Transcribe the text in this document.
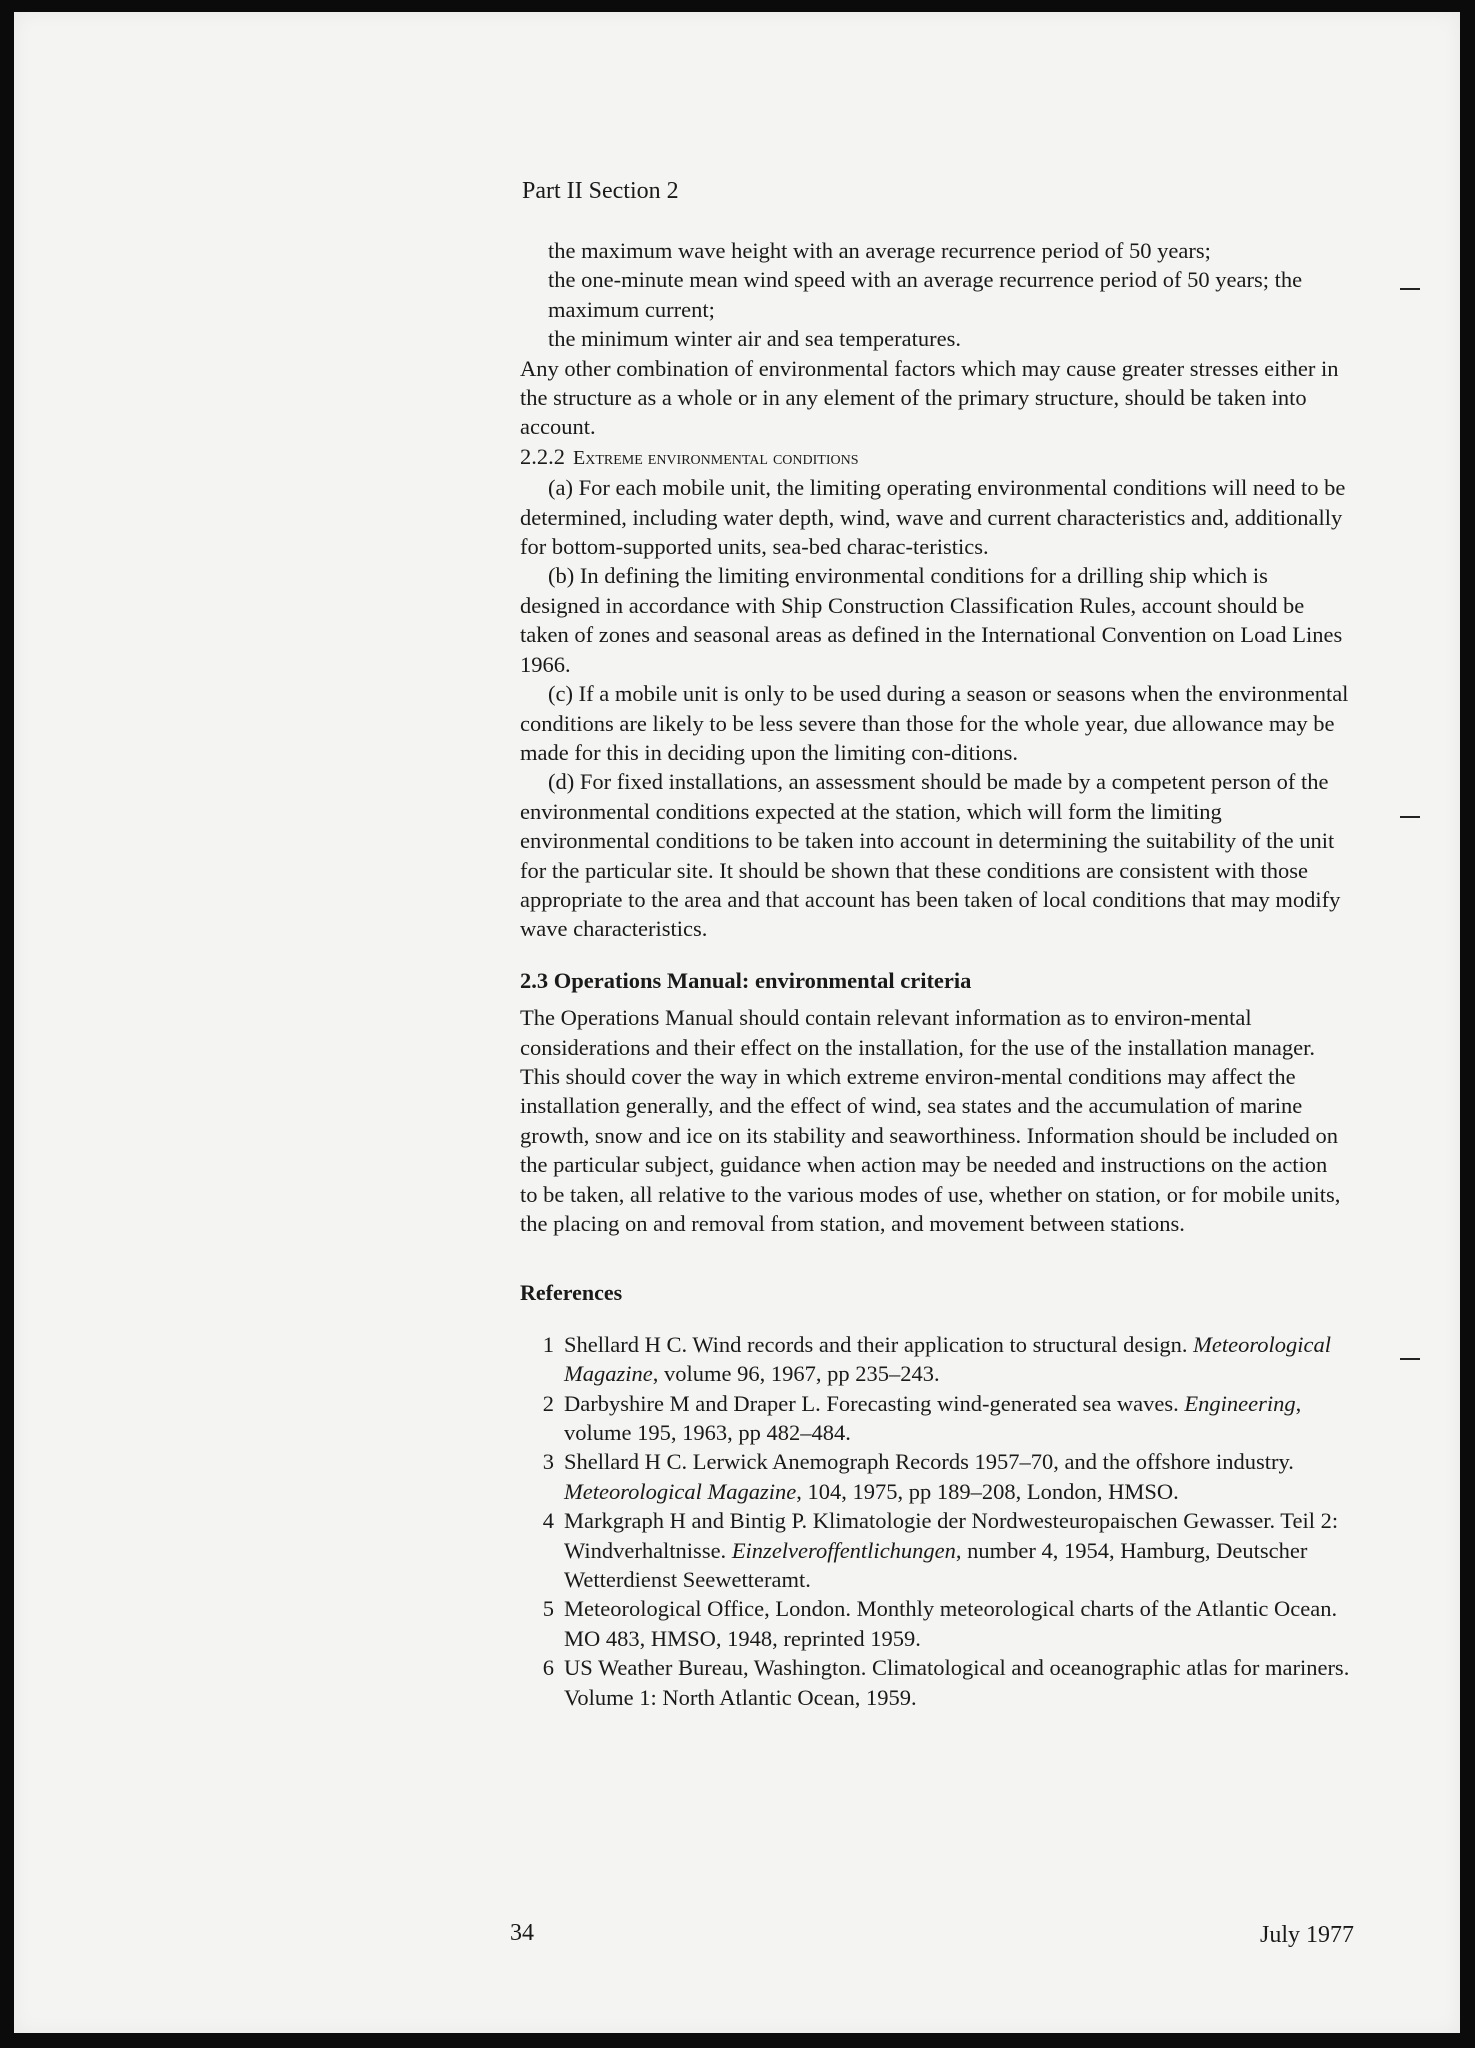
Part II Section 2

the maximum wave height with an average recurrence period of 50 years;

the one-minute mean wind speed with an average recurrence period of 50 years; the maximum current;

the minimum winter air and sea temperatures.

Any other combination of environmental factors which may cause greater stresses either in the structure as a whole or in any element of the primary structure, should be taken into account.

2.2.2 Extreme environmental conditions

(a) For each mobile unit, the limiting operating environmental conditions will need to be determined, including water depth, wind, wave and current characteristics and, additionally for bottom-supported units, sea-bed charac-teristics.

(b) In defining the limiting environmental conditions for a drilling ship which is designed in accordance with Ship Construction Classification Rules, account should be taken of zones and seasonal areas as defined in the International Convention on Load Lines 1966.

(c) If a mobile unit is only to be used during a season or seasons when the environmental conditions are likely to be less severe than those for the whole year, due allowance may be made for this in deciding upon the limiting con-ditions.

(d) For fixed installations, an assessment should be made by a competent person of the environmental conditions expected at the station, which will form the limiting environmental conditions to be taken into account in determining the suitability of the unit for the particular site. It should be shown that these conditions are consistent with those appropriate to the area and that account has been taken of local conditions that may modify wave characteristics.

2.3 Operations Manual: environmental criteria

The Operations Manual should contain relevant information as to environ-mental considerations and their effect on the installation, for the use of the installation manager. This should cover the way in which extreme environ-mental conditions may affect the installation generally, and the effect of wind, sea states and the accumulation of marine growth, snow and ice on its stability and seaworthiness. Information should be included on the particular subject, guidance when action may be needed and instructions on the action to be taken, all relative to the various modes of use, whether on station, or for mobile units, the placing on and removal from station, and movement between stations.

References
1 Shellard H C. Wind records and their application to structural design. Meteorological Magazine, volume 96, 1967, pp 235–243.
2 Darbyshire M and Draper L. Forecasting wind-generated sea waves. Engineering, volume 195, 1963, pp 482–484.
3 Shellard H C. Lerwick Anemograph Records 1957–70, and the offshore industry. Meteorological Magazine, 104, 1975, pp 189–208, London, HMSO.
4 Markgraph H and Bintig P. Klimatologie der Nordwesteuropaischen Gewasser. Teil 2: Windverhaltnisse. Einzelveroffentlichungen, number 4, 1954, Hamburg, Deutscher Wetterdienst Seewetteramt.
5 Meteorological Office, London. Monthly meteorological charts of the Atlantic Ocean. MO 483, HMSO, 1948, reprinted 1959.
6 US Weather Bureau, Washington. Climatological and oceanographic atlas for mariners. Volume 1: North Atlantic Ocean, 1959.
34	July 1977
